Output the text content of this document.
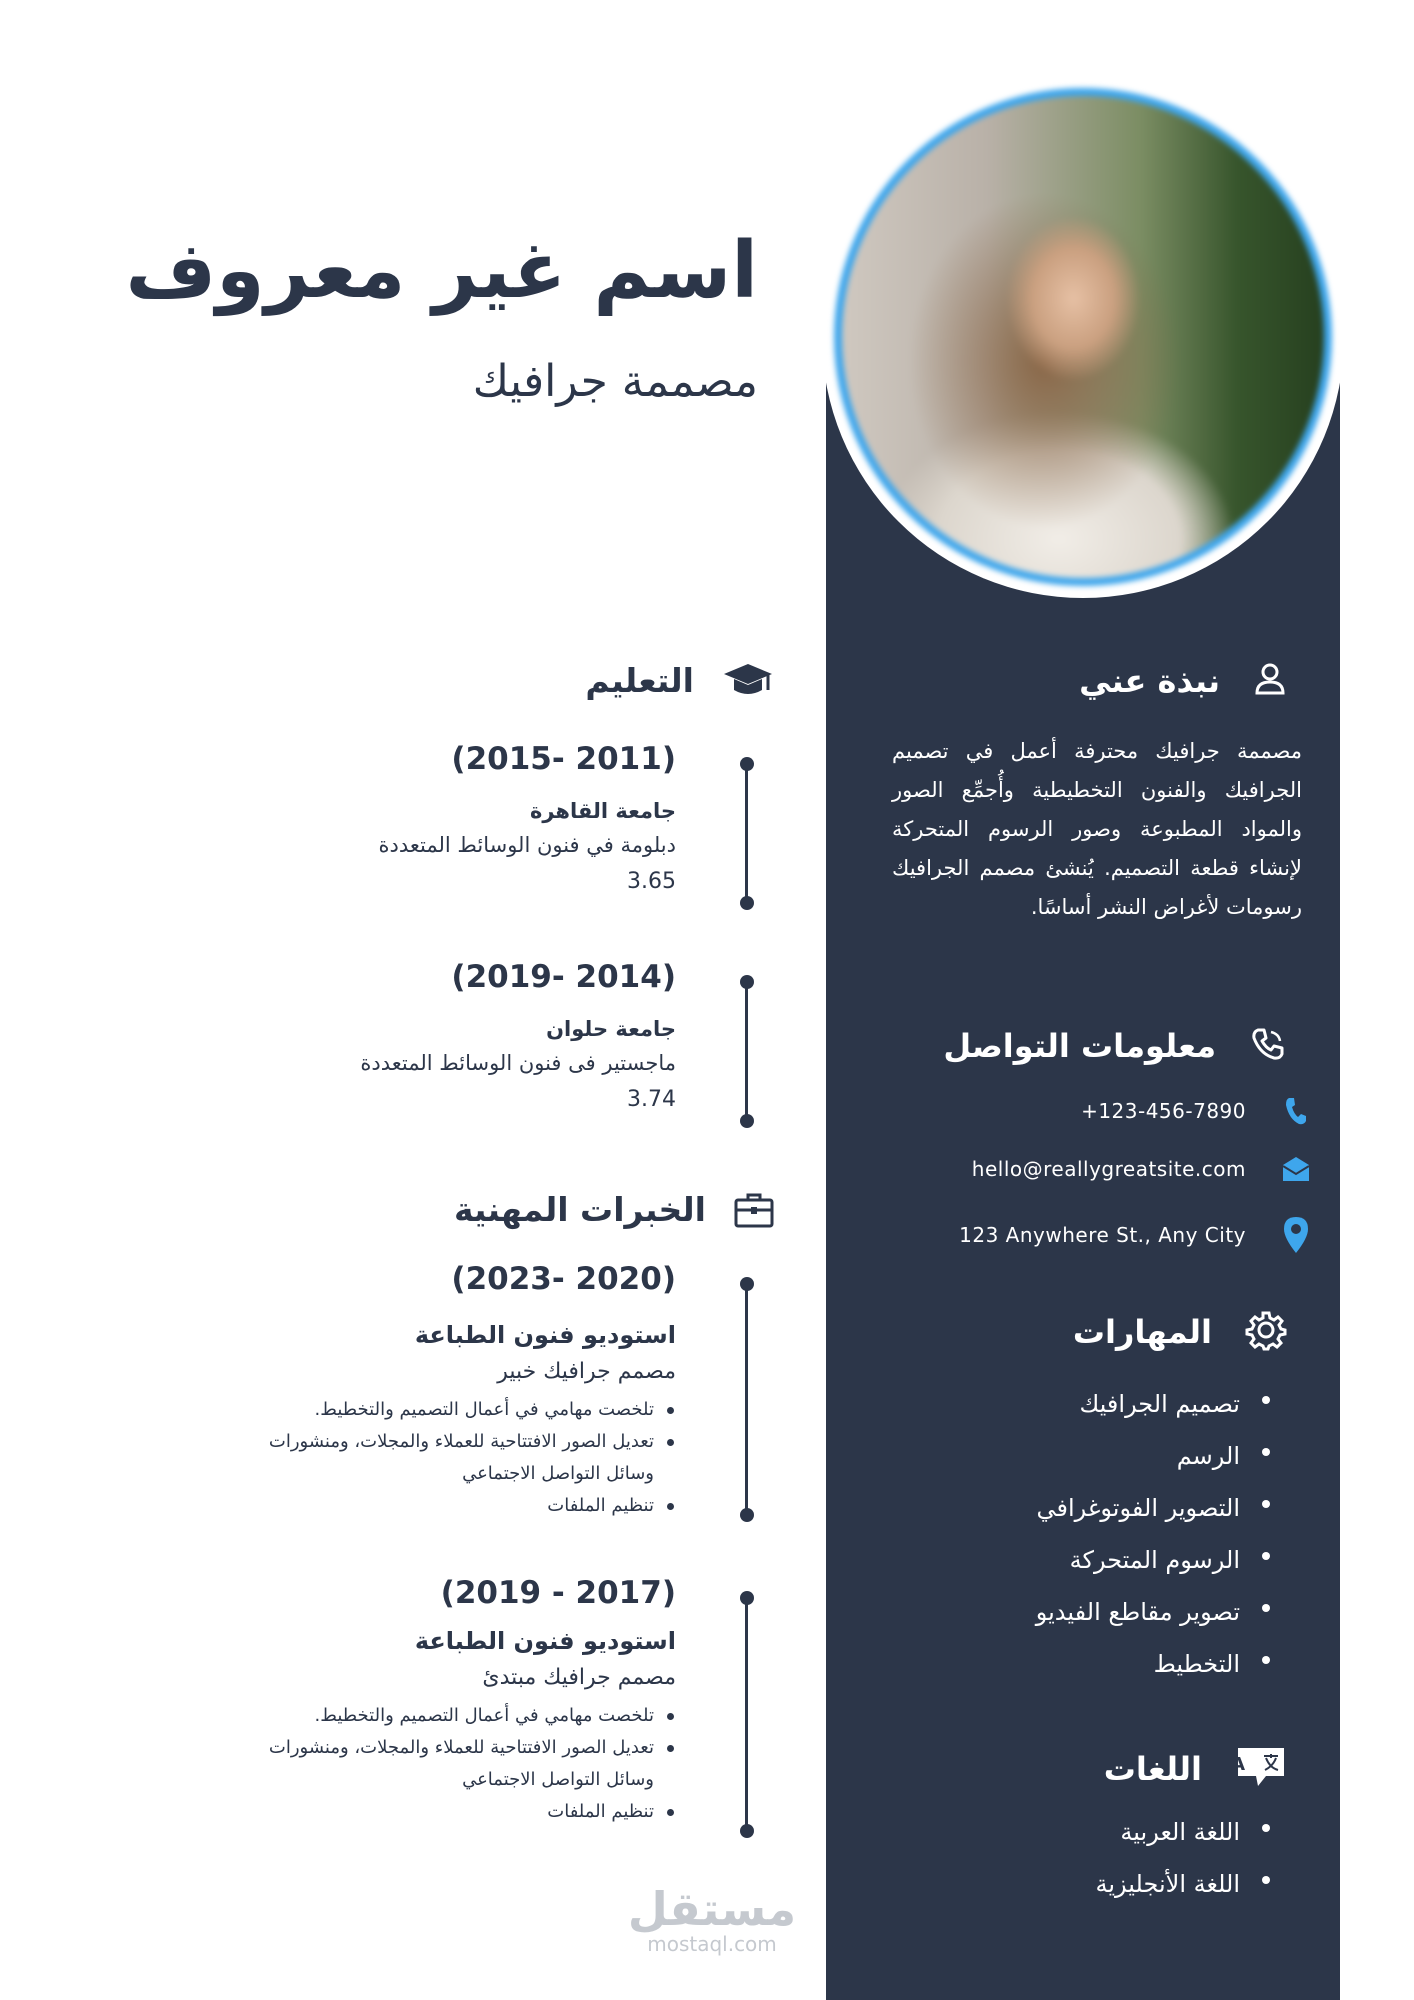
اسم غير معروف
مصممة جرافيك
التعليم
(2011 -2015)
جامعة القاهرة
دبلومة في فنون الوسائط المتعددة
3.65
(2014 -2019)
جامعة حلوان
ماجستير فى فنون الوسائط المتعددة
3.74
الخبرات المهنية
(2020 -2023)
استوديو فنون الطباعة
مصمم جرافيك خبير
تلخصت مهامي في أعمال التصميم والتخطيط.
تعديل الصور الافتتاحية للعملاء والمجلات، ومنشورات وسائل التواصل الاجتماعي
تنظيم الملفات
(2017 - 2019)
استوديو فنون الطباعة
مصمم جرافيك مبتدئ
تلخصت مهامي في أعمال التصميم والتخطيط.
تعديل الصور الافتتاحية للعملاء والمجلات، ومنشورات وسائل التواصل الاجتماعي
تنظيم الملفات
نبذة عني
مصممة جرافيك محترفة أعمل في تصميم الجرافيك والفنون التخطيطية وأُجمِّع الصور والمواد المطبوعة وصور الرسوم المتحركة لإنشاء قطعة التصميم. يُنشئ مصمم الجرافيك رسومات لأغراض النشر أساسًا.
معلومات التواصل
+123-456-7890
hello@reallygreatsite.com
123 Anywhere St., Any City
المهارات
تصميم الجرافيك
الرسم
التصوير الفوتوغرافي
الرسوم المتحركة
تصوير مقاطع الفيديو
التخطيط
A
اللغات
اللغة العربية
اللغة الأنجليزية
مستقل
mostaql.com
